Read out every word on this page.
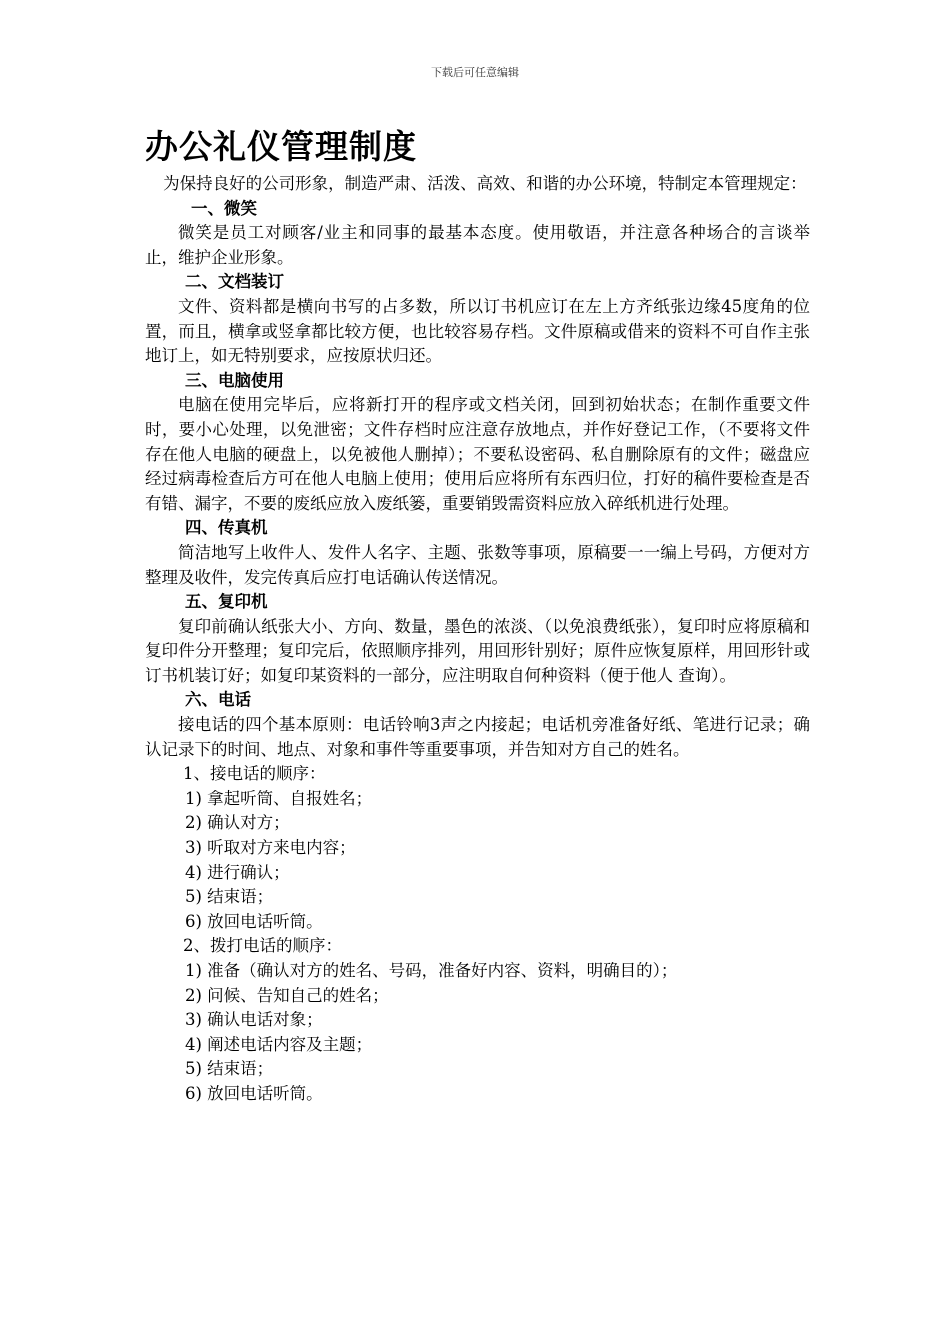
下载后可任意编辑
办公礼仪管理制度

为保持良好的公司形象，制造严肃、活泼、高效、和谐的办公环境，特制定本管理规定：

一、微笑

微笑是员工对顾客/业主和同事的最基本态度。使用敬语，并注意各种场合的言谈举止，维护企业形象。

二、文档装订

文件、资料都是横向书写的占多数，所以订书机应订在左上方齐纸张边缘45度角的位置，而且，横拿或竖拿都比较方便，也比较容易存档。文件原稿或借来的资料不可自作主张地订上，如无特别要求，应按原状归还。

三、电脑使用

电脑在使用完毕后，应将新打开的程序或文档关闭，回到初始状态；在制作重要文件时，要小心处理，以免泄密；文件存档时应注意存放地点，并作好登记工作，（不要将文件存在他人电脑的硬盘上，以免被他人删掉）；不要私设密码、私自删除原有的文件；磁盘应经过病毒检查后方可在他人电脑上使用；使用后应将所有东西归位，打好的稿件要检查是否有错、漏字，不要的废纸应放入废纸篓，重要销毁需资料应放入碎纸机进行处理。

四、传真机

简洁地写上收件人、发件人名字、主题、张数等事项，原稿要一一编上号码，方便对方整理及收件，发完传真后应打电话确认传送情况。

五、复印机

复印前确认纸张大小、方向、数量，墨色的浓淡、（以免浪费纸张），复印时应将原稿和复印件分开整理；复印完后，依照顺序排列，用回形针别好；原件应恢复原样，用回形针或订书机装订好；如复印某资料的一部分，应注明取自何种资料（便于他人 查询）。

六、电话

接电话的四个基本原则：电话铃响3声之内接起；电话机旁准备好纸、笔进行记录；确认记录下的时间、地点、对象和事件等重要事项，并告知对方自己的姓名。

1、接电话的顺序：
1) 拿起听筒、自报姓名；
2) 确认对方；
3) 听取对方来电内容；
4) 进行确认；
5) 结束语；
6) 放回电话听筒。
2、拨打电话的顺序：
1) 准备（确认对方的姓名、号码，准备好内容、资料，明确目的）；
2) 问候、告知自己的姓名；
3) 确认电话对象；
4) 阐述电话内容及主题；
5) 结束语；
6) 放回电话听筒。
